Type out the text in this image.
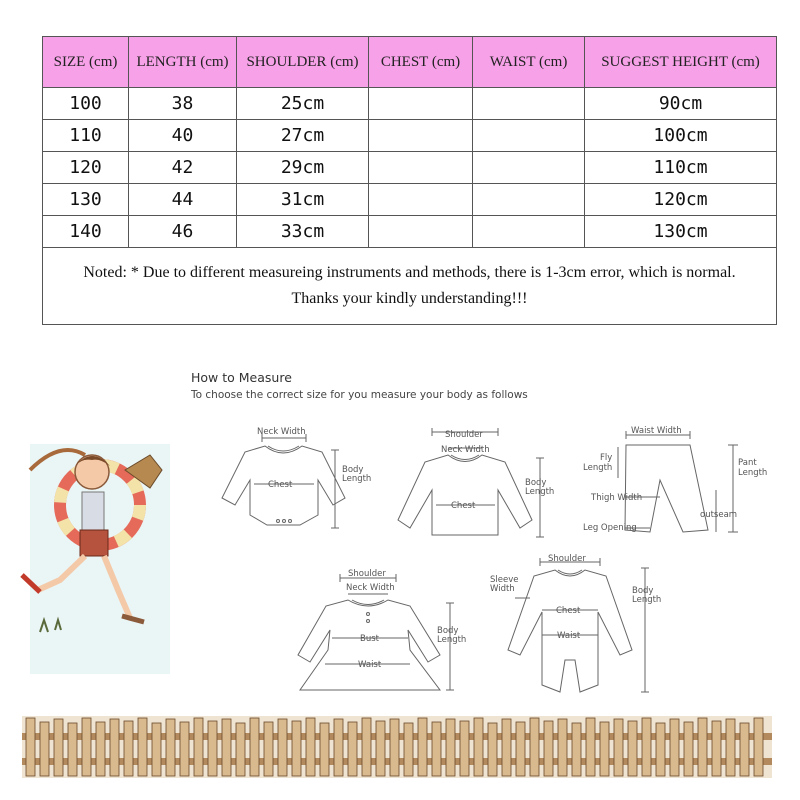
SIZE (cm)	LENGTH (cm)	SHOULDER (cm)	CHEST (cm)	WAIST (cm)	SUGGEST HEIGHT (cm)
100	38	25cm			90cm
110	40	27cm			100cm
120	42	29cm			110cm
130	44	31cm			120cm
140	46	33cm			130cm

Noted: * Due to different measureing instruments and methods, there is 1-3cm error, which is normal.
Thanks your kindly understanding!!!					
How to Measure
To choose the correct size for you measure your body as follows
Neck Width
Chest
Body
Length
Shoulder
Neck Width
Chest
Body
Length
Waist Width
Fly
Length	Pant
Length
Thigh Width
outseam
Leg Opening
Shoulder
Neck Width
Bust
Waist
Body
Length
Shoulder
Sleeve
Width
Chest
Waist
Body
Length
